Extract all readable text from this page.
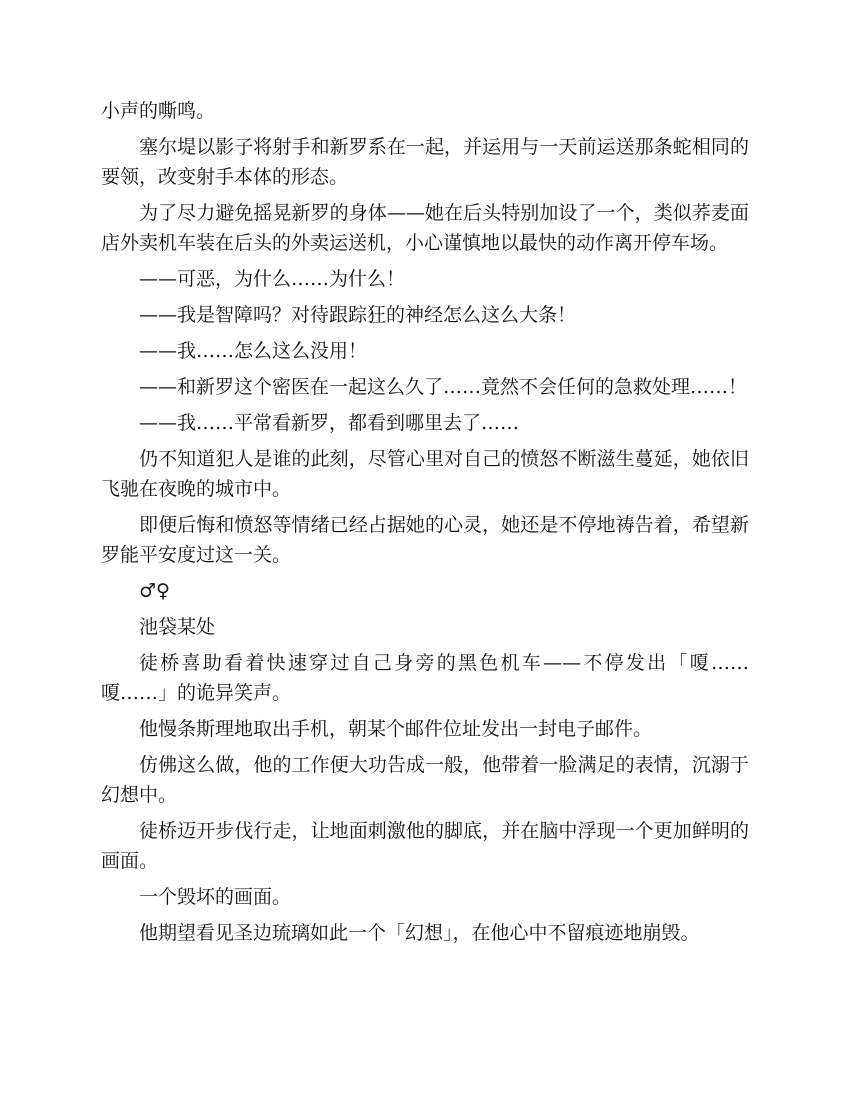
小声的嘶鸣。

塞尔堤以影子将射手和新罗系在一起，并运用与一天前运送那条蛇相同的要领，改变射手本体的形态。

为了尽力避免摇晃新罗的身体——她在后头特别加设了一个，类似荞麦面店外卖机车装在后头的外卖运送机，小心谨慎地以最快的动作离开停车场。

——可恶，为什么……为什么！

——我是智障吗？对待跟踪狂的神经怎么这么大条！

——我……怎么这么没用！

——和新罗这个密医在一起这么久了……竟然不会任何的急救处理……！

——我……平常看新罗，都看到哪里去了……

仍不知道犯人是谁的此刻，尽管心里对自己的愤怒不断滋生蔓延，她依旧飞驰在夜晚的城市中。

即便后悔和愤怒等情绪已经占据她的心灵，她还是不停地祷告着，希望新罗能平安度过这一关。

♂♀

池袋某处

徒桥喜助看着快速穿过自己身旁的黑色机车——不停发出「嗄……嗄……」的诡异笑声。

他慢条斯理地取出手机，朝某个邮件位址发出一封电子邮件。

仿佛这么做，他的工作便大功告成一般，他带着一脸满足的表情，沉溺于幻想中。

徒桥迈开步伐行走，让地面刺激他的脚底，并在脑中浮现一个更加鲜明的画面。

一个毁坏的画面。

他期望看见圣边琉璃如此一个「幻想」，在他心中不留痕迹地崩毁。
